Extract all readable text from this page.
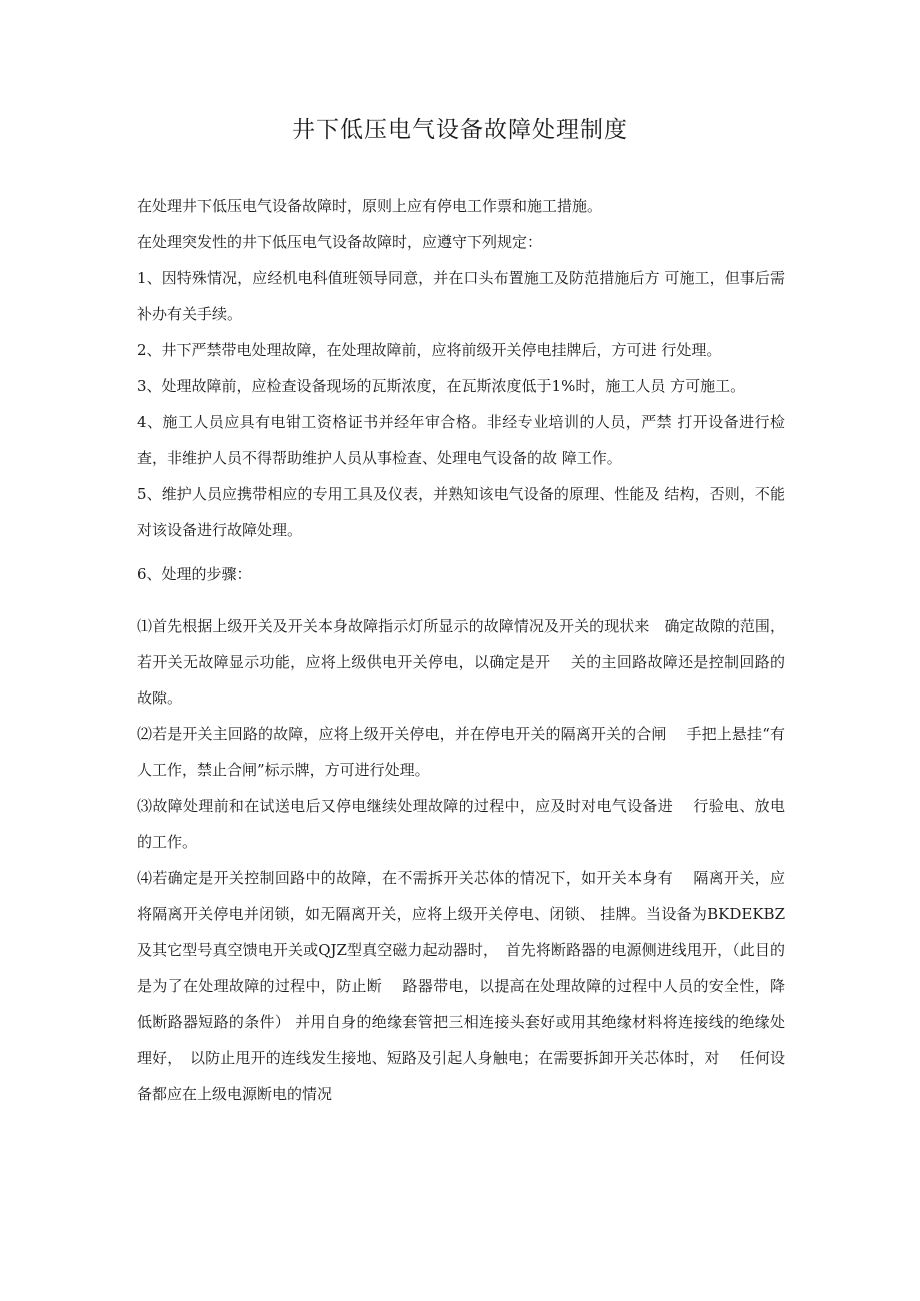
井下低压电气设备故障处理制度

在处理井下低压电气设备故障时，原则上应有停电工作票和施工措施。

在处理突发性的井下低压电气设备故障时，应遵守下列规定：

1、因特殊情况，应经机电科值班领导同意，并在口头布置施工及防范措施后方 可施工，但事后需补办有关手续。

2、井下严禁带电处理故障，在处理故障前，应将前级开关停电挂牌后，方可进 行处理。

3、处理故障前，应检查设备现场的瓦斯浓度，在瓦斯浓度低于1%时，施工人员 方可施工。

4、施工人员应具有电钳工资格证书并经年审合格。非经专业培训的人员，严禁 打开设备进行检查，非维护人员不得帮助维护人员从事检查、处理电气设备的故 障工作。

5、维护人员应携带相应的专用工具及仪表，并熟知该电气设备的原理、性能及 结构，否则，不能对该设备进行故障处理。

6、处理的步骤：

⑴首先根据上级开关及开关本身故障指示灯所显示的故障情况及开关的现状来　确定故隙的范围，若开关无故障显示功能，应将上级供电开关停电，以确定是开　 关的主回路故障还是控制回路的故隙。

⑵若是开关主回路的故障，应将上级开关停电，并在停电开关的隔离开关的合闸　 手把上悬挂“有人工作，禁止合闸”标示牌，方可进行处理。

⑶故障处理前和在试送电后又停电继续处理故障的过程中，应及时对电气设备进　 行验电、放电的工作。

⑷若确定是开关控制回路中的故障，在不需拆开关芯体的情况下，如开关本身有　 隔离开关，应将隔离开关停电并闭锁，如无隔离开关，应将上级开关停电、闭锁、 挂牌。当设备为BKDEKBZ及其它型号真空馈电开关或QJZ型真空磁力起动器时，　首先将断路器的电源侧进线甩开，（此目的是为了在处理故障的过程中，防止断　 路器带电，以提高在处理故障的过程中人员的安全性，降低断路器短路的条件） 并用自身的绝缘套管把三相连接头套好或用其绝缘材料将连接线的绝缘处理好，　以防止甩开的连线发生接地、短路及引起人身触电；在需要拆卸开关芯体时，对　 任何设备都应在上级电源断电的情况
